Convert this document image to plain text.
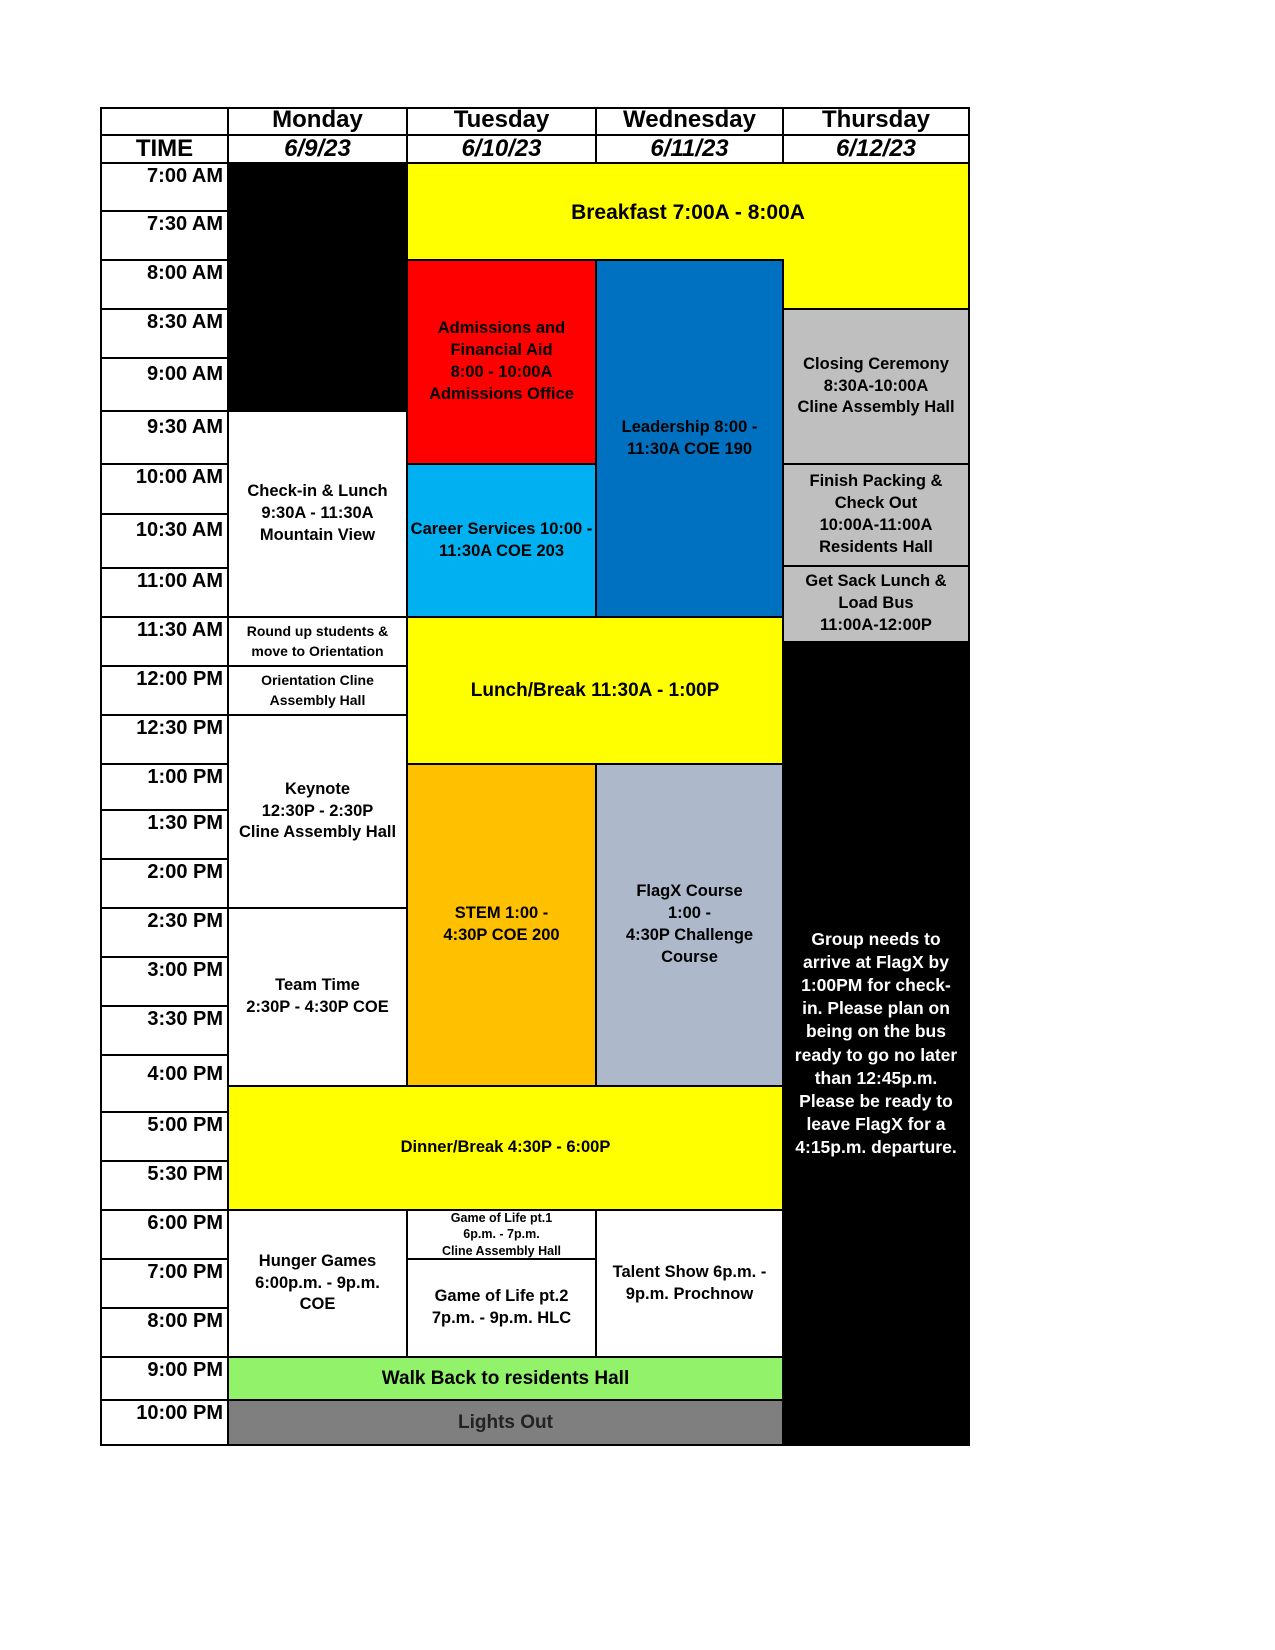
TIME
Monday
6/9/23
Tuesday
6/10/23
Wednesday
6/11/23
Thursday
6/12/23
7:00 AM
7:30 AM
8:00 AM
8:30 AM
9:00 AM
9:30 AM
10:00 AM
10:30 AM
11:00 AM
11:30 AM
12:00 PM
12:30 PM
1:00 PM
1:30 PM
2:00 PM
2:30 PM
3:00 PM
3:30 PM
4:00 PM
5:00 PM
5:30 PM
6:00 PM
7:00 PM
8:00 PM
9:00 PM
10:00 PM
Check-in & Lunch
9:30A - 11:30A
Mountain View
Round up students &
move to Orientation
Orientation Cline
Assembly Hall
Keynote
12:30P - 2:30P
Cline Assembly Hall
Team Time
2:30P - 4:30P COE
Hunger Games
6:00p.m. - 9p.m.
COE
Breakfast 7:00A - 8:00A
Admissions and
Financial Aid
8:00 - 10:00A
Admissions Office
Career Services 10:00 -
11:30A COE 203
Lunch/Break 11:30A - 1:00P
STEM 1:00 -
4:30P COE 200
Game of Life pt.1
6p.m. - 7p.m.
Cline Assembly Hall
Game of Life pt.2
7p.m. - 9p.m. HLC
Leadership 8:00 -
11:30A COE 190
FlagX Course
1:00 -
4:30P Challenge
Course
Talent Show 6p.m. -
9p.m. Prochnow
Closing Ceremony
8:30A-10:00A
Cline Assembly Hall
Finish Packing &
Check Out
10:00A-11:00A
Residents Hall
Get Sack Lunch &
Load Bus
11:00A-12:00P
Group needs to
arrive at FlagX by
1:00PM for check-
in. Please plan on
being on the bus
ready to go no later
than 12:45p.m.
Please be ready to
leave FlagX for a
4:15p.m. departure.
Dinner/Break 4:30P - 6:00P
Walk Back to residents Hall
Lights Out
